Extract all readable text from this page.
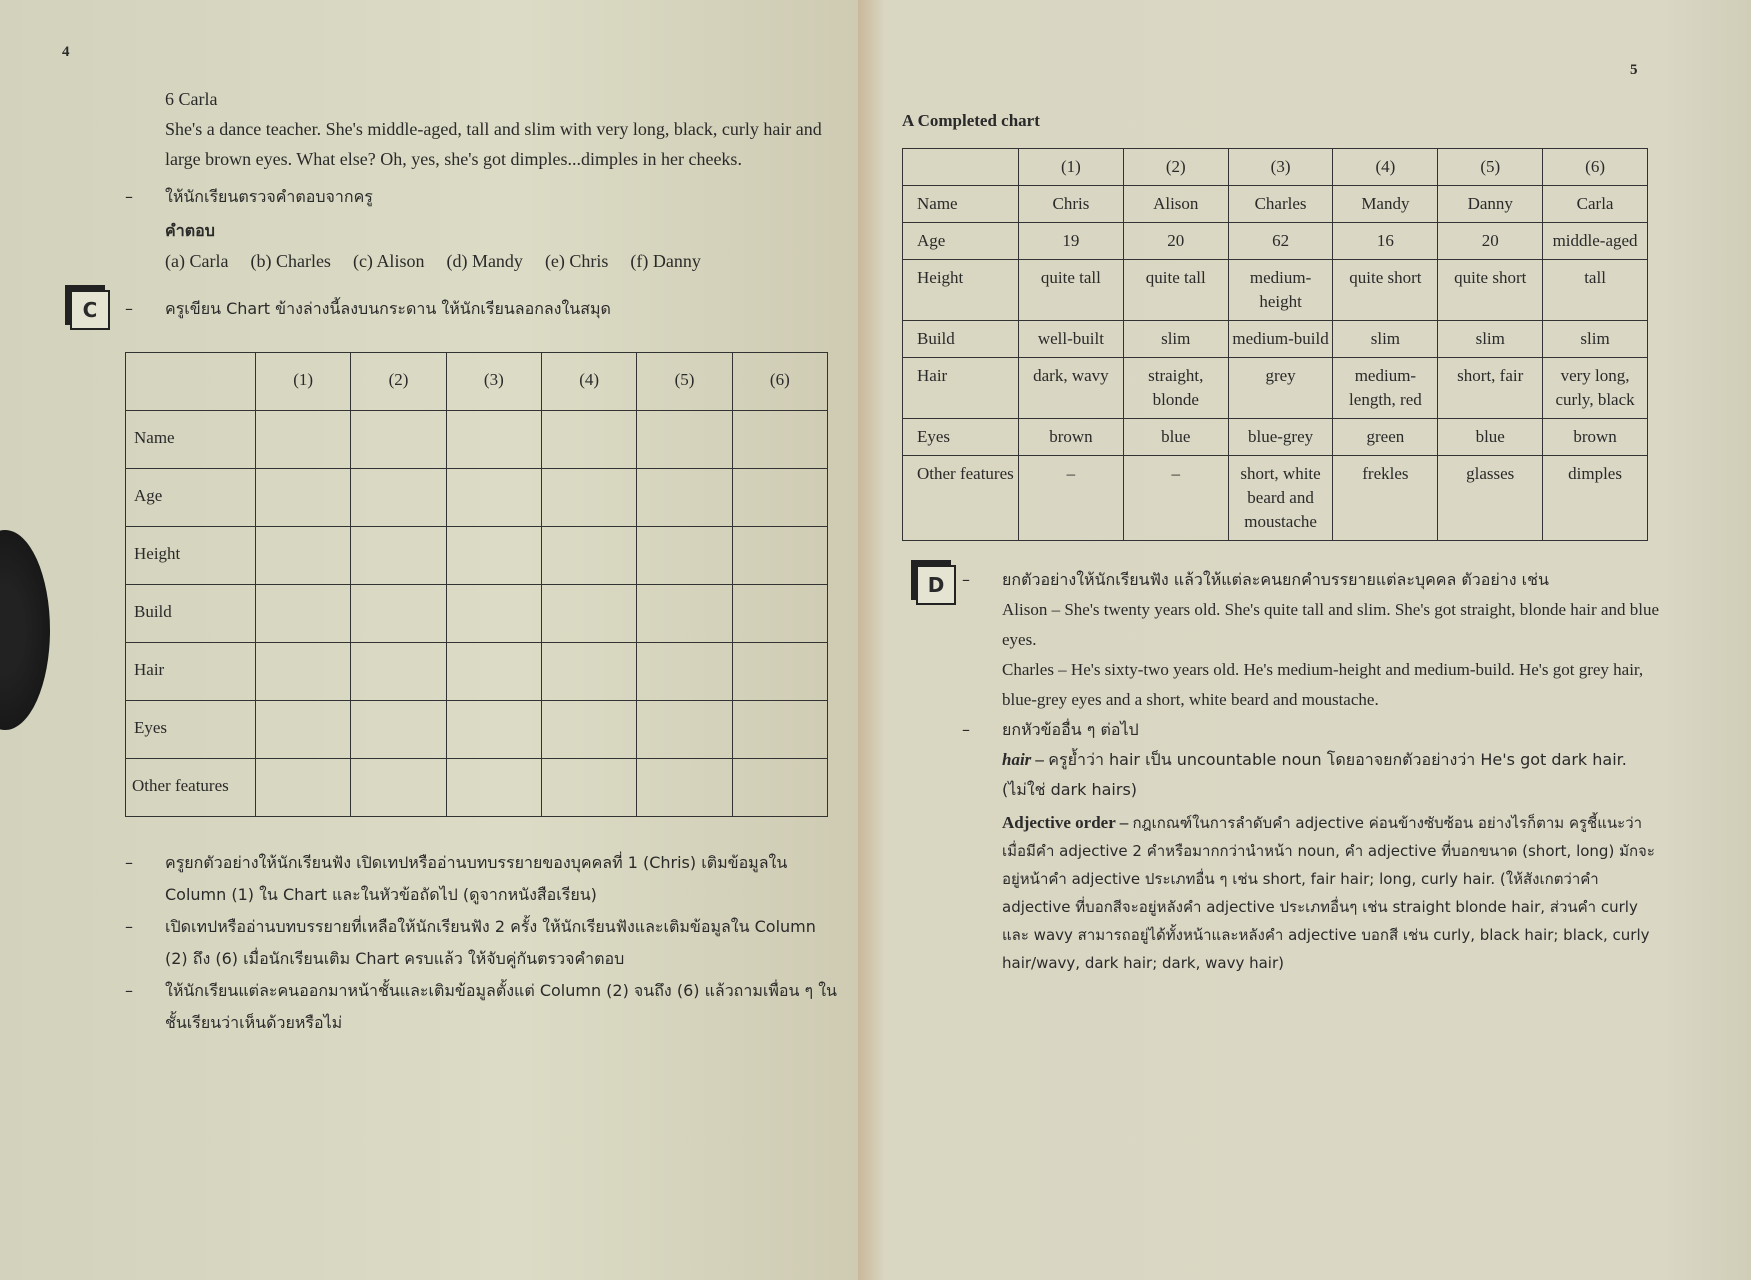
4
6 Carla
She's a dance teacher. She's middle-aged, tall and slim with very long, black, curly hair and
large brown eyes. What else? Oh, yes, she's got dimples...dimples in her cheeks.
– ให้นักเรียนตรวจคำตอบจากครู
คำตอบ
(a) Carla (b) Charles (c) Alison (d) Mandy (e) Chris (f) Danny
C	– ครูเขียน Chart ข้างล่างนี้ลงบนกระดาน ให้นักเรียนลอกลงในสมุด
	(1)	(2)	(3)	(4)	(5)	(6)
Name						
Age						
Height						
Build						
Hair						
Eyes						
Other features						
– ครูยกตัวอย่างให้นักเรียนฟัง เปิดเทปหรืออ่านบทบรรยายของบุคคลที่ 1 (Chris) เติมข้อมูลใน Column (1) ใน Chart และในหัวข้อถัดไป (ดูจากหนังสือเรียน)
– เปิดเทปหรืออ่านบทบรรยายที่เหลือให้นักเรียนฟัง 2 ครั้ง ให้นักเรียนฟังและเติมข้อมูลใน Column (2) ถึง (6) เมื่อนักเรียนเติม Chart ครบแล้ว ให้จับคู่กันตรวจคำตอบ
– ให้นักเรียนแต่ละคนออกมาหน้าชั้นและเติมข้อมูลตั้งแต่ Column (2) จนถึง (6) แล้วถามเพื่อน ๆ ในชั้นเรียนว่าเห็นด้วยหรือไม่
5
A Completed chart
	(1)	(2)	(3)	(4)	(5)	(6)
Name	Chris	Alison	Charles	Mandy	Danny	Carla
Age	19	20	62	16	20	middle-aged
Height	quite tall	quite tall	medium-height	quite short	quite short	tall
Build	well-built	slim	medium-build	slim	slim	slim
Hair	dark, wavy	straight, blonde	grey	medium-length, red	short, fair	very long, curly, black
Eyes	brown	blue	blue-grey	green	blue	brown
Other features	–	–	short, white beard and moustache	frekles	glasses	dimples
D	– ยกตัวอย่างให้นักเรียนฟัง แล้วให้แต่ละคนยกคำบรรยายแต่ละบุคคล ตัวอย่าง เช่น
Alison – She's twenty years old. She's quite tall and slim. She's got straight, blonde hair and blue eyes.
Charles – He's sixty-two years old. He's medium-height and medium-build. He's got grey hair, blue-grey eyes and a short, white beard and moustache.
– ยกหัวข้ออื่น ๆ ต่อไป
hair – ครูย้ำว่า hair เป็น uncountable noun โดยอาจยกตัวอย่างว่า He's got dark hair. (ไม่ใช่ dark hairs)
Adjective order – กฎเกณฑ์ในการลำดับคำ adjective ค่อนข้างซับซ้อน อย่างไรก็ตาม ครูชี้แนะว่า เมื่อมีคำ adjective 2 คำหรือมากกว่านำหน้า noun, คำ adjective ที่บอกขนาด (short, long) มักจะอยู่หน้าคำ adjective ประเภทอื่น ๆ เช่น short, fair hair; long, curly hair. (ให้สังเกตว่าคำ adjective ที่บอกสีจะอยู่หลังคำ adjective ประเภทอื่นๆ เช่น straight blonde hair, ส่วนคำ curly และ wavy สามารถอยู่ได้ทั้งหน้าและหลังคำ adjective บอกสี เช่น curly, black hair; black, curly hair/wavy, dark hair; dark, wavy hair)
